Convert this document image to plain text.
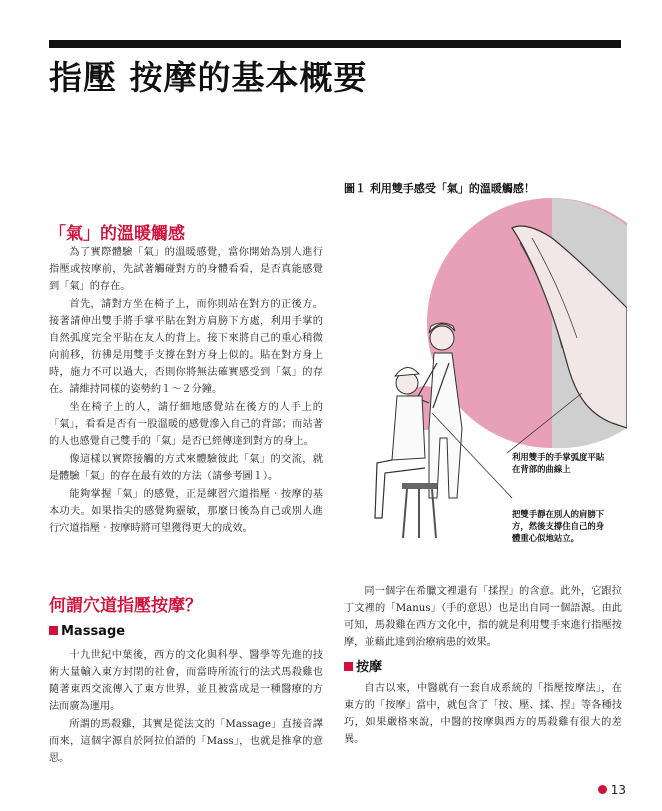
指壓 按摩的基本概要
「氣」的溫暖觸感

為了實際體驗「氣」的溫暖感覺，當你開始為別人進行指壓或按摩前，先試著觸碰對方的身體看看，是否真能感覺到「氣」的存在。

首先，請對方坐在椅子上，而你則站在對方的正後方。接著請伸出雙手將手掌平貼在對方肩膀下方處，利用手掌的自然弧度完全平貼在友人的背上。接下來將自己的重心稍微向前移，彷彿是用雙手支撐在對方身上似的。貼在對方身上時，施力不可以過大，否則你將無法確實感受到「氣」的存在。請維持同樣的姿勢約１～２分鐘。

坐在椅子上的人，請仔細地感覺站在後方的人手上的「氣」，看看是否有一股溫暖的感覺滲入自己的背部；而站著的人也感覺自己雙手的「氣」是否已經傳達到對方的身上。

像這樣以實際接觸的方式來體驗彼此「氣」的交流，就是體驗「氣」的存在最有效的方法（請參考圖１）。

能夠掌握「氣」的感覺，正是練習穴道指壓‧按摩的基本功夫。如果指尖的感覺夠靈敏，那麼日後為自己或別人進行穴道指壓‧按摩時將可望獲得更大的成效。

何謂穴道指壓按摩？
Massage

十九世紀中葉後，西方的文化與科學、醫學等先進的技術大量輸入東方封閉的社會，而當時所流行的法式馬殺雞也隨著東西交流傳入了東方世界，並且被當成是一種醫療的方法而廣為運用。

所謂的馬殺雞，其實是從法文的「Massage」直接音譯而來，這個字源自於阿拉伯語的「Mass」，也就是推拿的意思。

同一個字在希臘文裡還有「揉捏」的含意。此外，它跟拉丁文裡的「Manus」（手的意思）也是出自同一個語源。由此可知，馬殺雞在西方文化中，指的就是利用雙手來進行指壓按摩，並藉此達到治療病患的效果。

按摩

自古以來，中醫就有一套自成系統的「指壓按摩法」，在東方的「按摩」當中，就包含了「按、壓、揉、捏」等各種技巧，如果嚴格來說，中醫的按摩與西方的馬殺雞有很大的差異。

圖１ 利用雙手感受「氣」的溫暖觸感！
利用雙手的手掌弧度平貼在背部的曲線上
把雙手靜在別人的肩膀下方，然後支撐住自己的身體重心似地站立。
13
